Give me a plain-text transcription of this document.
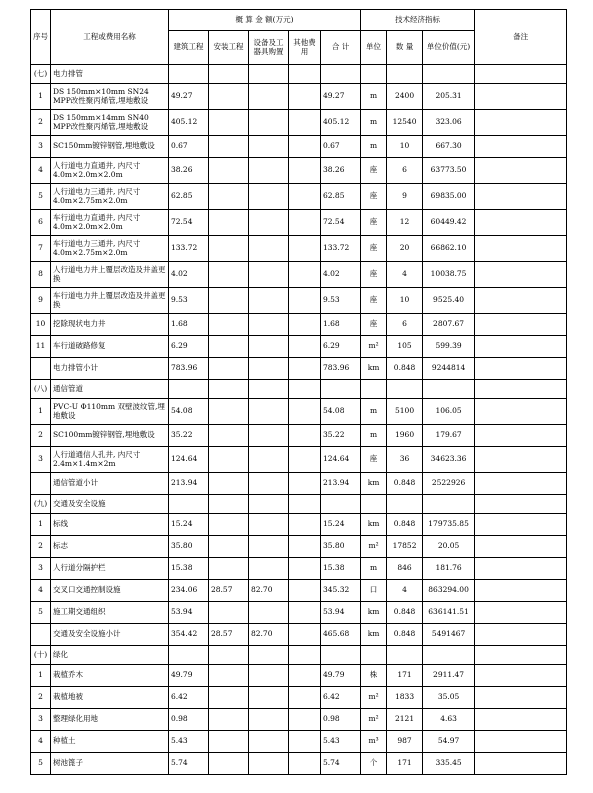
序号	工程或费用名称	概 算 金 额(万元)					技术经济指标			备注
		建筑工程	安装工程	设备及工器具购置	其他费用	合 计	单位	数 量	单位价值(元)	
(七)	电力排管									
1	DS 150mm×10mm SN24 MPP改性聚丙烯管,埋地敷设	49.27				49.27	m	2400	205.31	
2	DS 150mm×14mm SN40 MPP改性聚丙烯管,埋地敷设	405.12				405.12	m	12540	323.06	
3	SC150mm镀锌钢管,埋地敷设	0.67				0.67	m	10	667.30	
4	人行道电力直通井, 内尺寸4.0m×2.0m×2.0m	38.26				38.26	座	6	63773.50	
5	人行道电力三通井, 内尺寸4.0m×2.75m×2.0m	62.85				62.85	座	9	69835.00	
6	车行道电力直通井, 内尺寸4.0m×2.0m×2.0m	72.54				72.54	座	12	60449.42	
7	车行道电力三通井, 内尺寸4.0m×2.75m×2.0m	133.72				133.72	座	20	66862.10	
8	人行道电力井上覆层改造及井盖更换	4.02				4.02	座	4	10038.75	
9	车行道电力井上覆层改造及井盖更换	9.53				9.53	座	10	9525.40	
10	挖除现状电力井	1.68				1.68	座	6	2807.67	
11	车行道破路修复	6.29				6.29	m²	105	599.39	
	电力排管小计	783.96				783.96	km	0.848	9244814	
(八)	通信管道									
1	PVC-U Φ110mm 双壁波纹管,埋地敷设	54.08				54.08	m	5100	106.05	
2	SC100mm镀锌钢管,埋地敷设	35.22				35.22	m	1960	179.67	
3	人行道通信人孔井, 内尺寸2.4m×1.4m×2m	124.64				124.64	座	36	34623.36	
	通信管道小计	213.94				213.94	km	0.848	2522926	
(九)	交通及安全设施									
1	标线	15.24				15.24	km	0.848	179735.85	
2	标志	35.80				35.80	m²	17852	20.05	
3	人行道分隔护栏	15.38				15.38	m	846	181.76	
4	交叉口交通控制设施	234.06	28.57	82.70		345.32	口	4	863294.00	
5	施工期交通组织	53.94				53.94	km	0.848	636141.51	
	交通及安全设施小计	354.42	28.57	82.70		465.68	km	0.848	5491467	
(十)	绿化									
1	栽植乔木	49.79				49.79	株	171	2911.47	
2	栽植地被	6.42				6.42	m²	1833	35.05	
3	整理绿化用地	0.98				0.98	m²	2121	4.63	
4	种植土	5.43				5.43	m³	987	54.97	
5	树池篦子	5.74				5.74	个	171	335.45	
